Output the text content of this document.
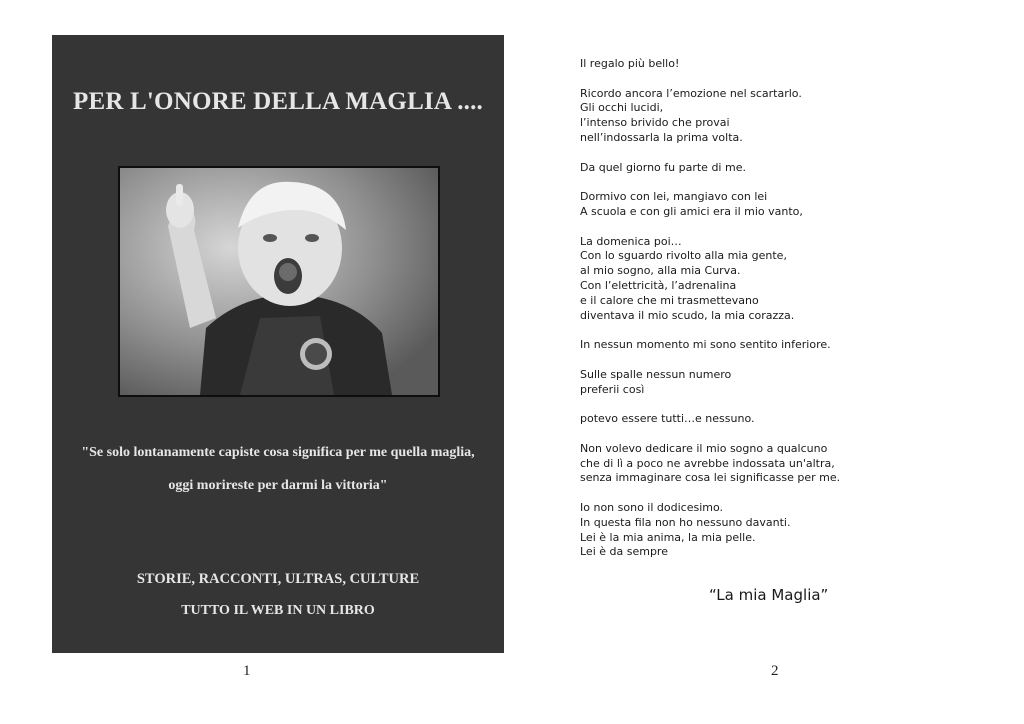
PER L'ONORE DELLA MAGLIA ....
"Se solo lontanamente capiste cosa significa per me quella maglia,
oggi morireste per darmi la vittoria"
STORIE, RACCONTI, ULTRAS, CULTURE
TUTTO IL WEB IN UN LIBRO
1	2
Il regalo più bello!
Ricordo ancora l’emozione nel scartarlo.
Gli occhi lucidi,
l’intenso brivido che provai
nell’indossarla la prima volta.
Da quel giorno fu parte di me.
Dormivo con lei, mangiavo con lei
A scuola e con gli amici era il mio vanto,
La domenica poi…
Con lo sguardo rivolto alla mia gente,
al mio sogno, alla mia Curva.
Con l’elettricità, l’adrenalina
e il calore che mi trasmettevano
diventava il mio scudo, la mia corazza.
In nessun momento mi sono sentito inferiore.
Sulle spalle nessun numero
preferii così
potevo essere tutti…e nessuno.
Non volevo dedicare il mio sogno a qualcuno
che di lì a poco ne avrebbe indossata un'altra,
senza immaginare cosa lei significasse per me.
Io non sono il dodicesimo.
In questa fila non ho nessuno davanti.
Lei è la mia anima, la mia pelle.
Lei è da sempre
“La mia Maglia”
